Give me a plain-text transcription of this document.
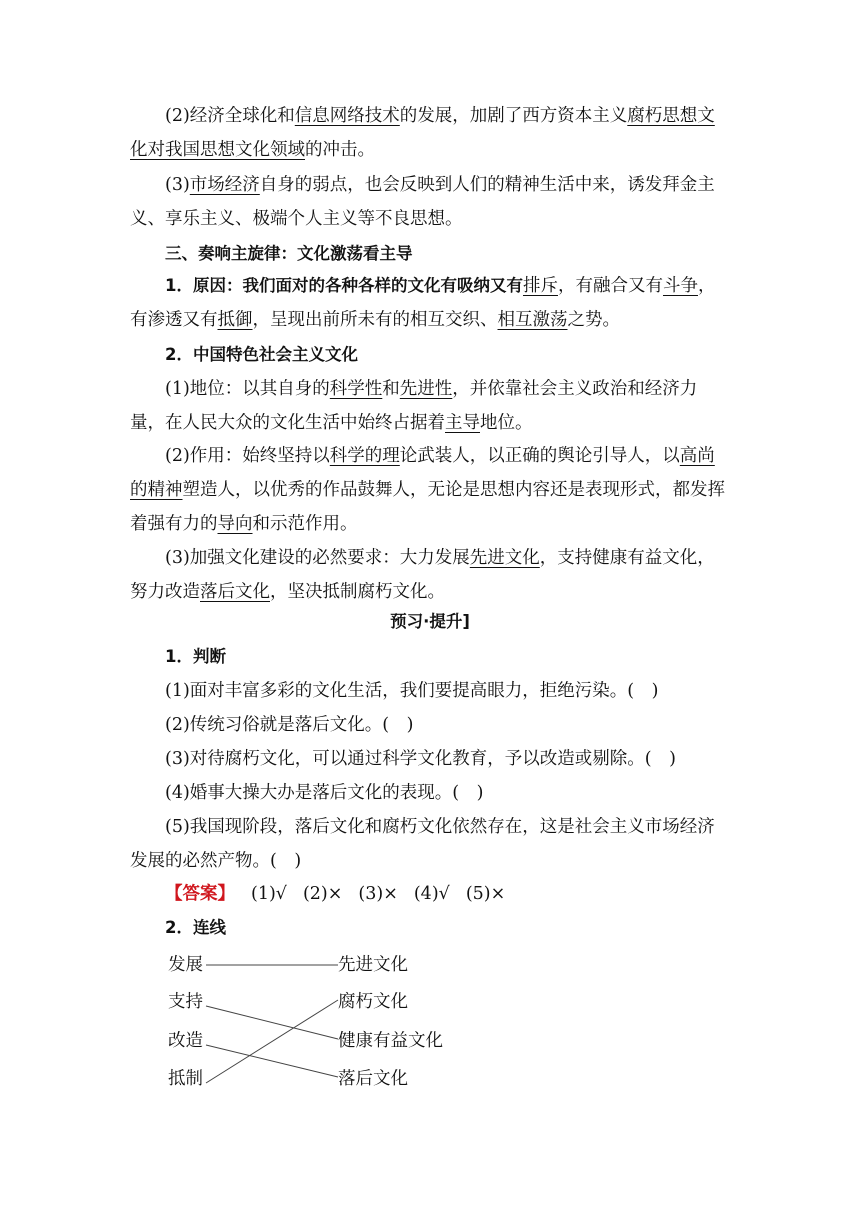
(2)经济全球化和信息网络技术的发展，加剧了西方资本主义腐朽思想文化对我国思想文化领域的冲击。
(3)市场经济自身的弱点，也会反映到人们的精神生活中来，诱发拜金主义、享乐主义、极端个人主义等不良思想。
三、奏响主旋律：文化激荡看主导
1．原因：我们面对的各种各样的文化有吸纳又有排斥，有融合又有斗争，有渗透又有抵御，呈现出前所未有的相互交织、相互激荡之势。
2．中国特色社会主义文化
(1)地位：以其自身的科学性和先进性，并依靠社会主义政治和经济力量，在人民大众的文化生活中始终占据着主导地位。
(2)作用：始终坚持以科学的理论武装人，以正确的舆论引导人，以高尚的精神塑造人，以优秀的作品鼓舞人，无论是思想内容还是表现形式，都发挥着强有力的导向和示范作用。
(3)加强文化建设的必然要求：大力发展先进文化，支持健康有益文化，努力改造落后文化，坚决抵制腐朽文化。
预习·提升]
1．判断
(1)面对丰富多彩的文化生活，我们要提高眼力，拒绝污染。(　)
(2)传统习俗就是落后文化。(　)
(3)对待腐朽文化，可以通过科学文化教育，予以改造或剔除。(　)
(4)婚事大操大办是落后文化的表现。(　)
(5)我国现阶段，落后文化和腐朽文化依然存在，这是社会主义市场经济发展的必然产物。(　)
【答案】 (1)√ (2)× (3)× (4)√ (5)×
2．连线
发展
支持
改造
抵制
先进文化
腐朽文化
健康有益文化
落后文化
